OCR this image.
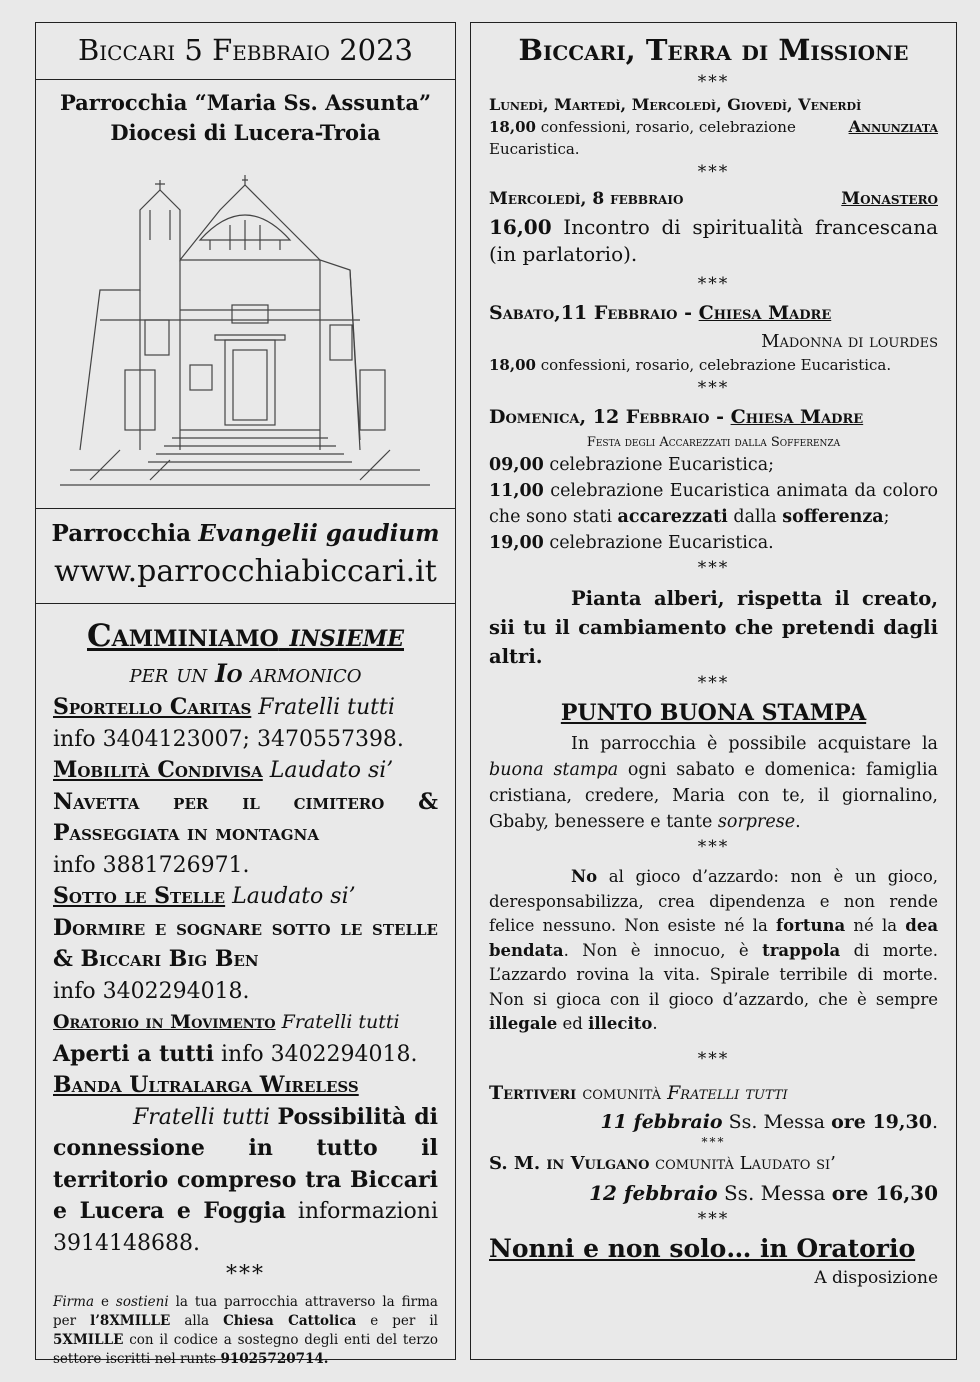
Biccari 5 Febbraio 2023
Parrocchia “Maria Ss. Assunta”
Diocesi di Lucera-Troia
Parrocchia Evangelii gaudium
www.parrocchiabiccari.it
Camminiamo insieme
per un Io armonico
Sportello Caritas Fratelli tutti
info 3404123007; 3470557398.
Mobilità Condivisa Laudato si’
Navetta per il cimitero & Passeggiata in montagna
info 3881726971.
Sotto le Stelle Laudato si’
Dormire e sognare sotto le stelle & Biccari Big Ben
info 3402294018.
Oratorio in Movimento Fratelli tutti
Aperti a tutti info 3402294018.
Banda Ultralarga Wireless
Fratelli tutti Possibilità di connessione in tutto il territorio compreso tra Biccari e Lucera e Foggia informazioni 3914148688.
***
Firma e sostieni la tua parrocchia attraverso la firma per l’8XMILLE alla Chiesa Cattolica e per il 5XMILLE con il codice a sostegno degli enti del terzo settore iscritti nel runts 91025720714.
Biccari, Terra di Missione
***
Lunedì, Martedì, Mercoledì, Giovedì, Venerdì
Annunziata
18,00 confessioni, rosario, celebrazione Eucaristica.
***
Mercoledì, 8 febbraio	Monastero
16,00 Incontro di spiritualità francescana (in parlatorio).
***
Sabato,11 Febbraio - Chiesa Madre
Madonna di lourdes
18,00 confessioni, rosario, celebrazione Eucaristica.
***
Domenica, 12 Febbraio - Chiesa Madre
Festa degli Accarezzati dalla Sofferenza
09,00 celebrazione Eucaristica;
11,00 celebrazione Eucaristica animata da coloro che sono stati accarezzati dalla sofferenza;
19,00 celebrazione Eucaristica.
***
Pianta alberi, rispetta il creato, sii tu il cambiamento che pretendi dagli altri.
***
PUNTO BUONA STAMPA
In parrocchia è possibile acquistare la buona stampa ogni sabato e domenica: famiglia cristiana, credere, Maria con te, il giornalino, Gbaby, benessere e tante sorprese.
***
No al gioco d’azzardo: non è un gioco, deresponsabilizza, crea dipendenza e non rende felice nessuno. Non esiste né la fortuna né la dea bendata. Non è innocuo, è trappola di morte. L’azzardo rovina la vita. Spirale terribile di morte. Non si gioca con il gioco d’azzardo, che è sempre illegale ed illecito.
***
Tertiveri comunità Fratelli tutti
11 febbraio Ss. Messa ore 19,30.
***
S. M. in Vulgano comunità Laudato si’
12 febbraio Ss. Messa ore 16,30
***
Nonni e non solo… in Oratorio
A disposizione
